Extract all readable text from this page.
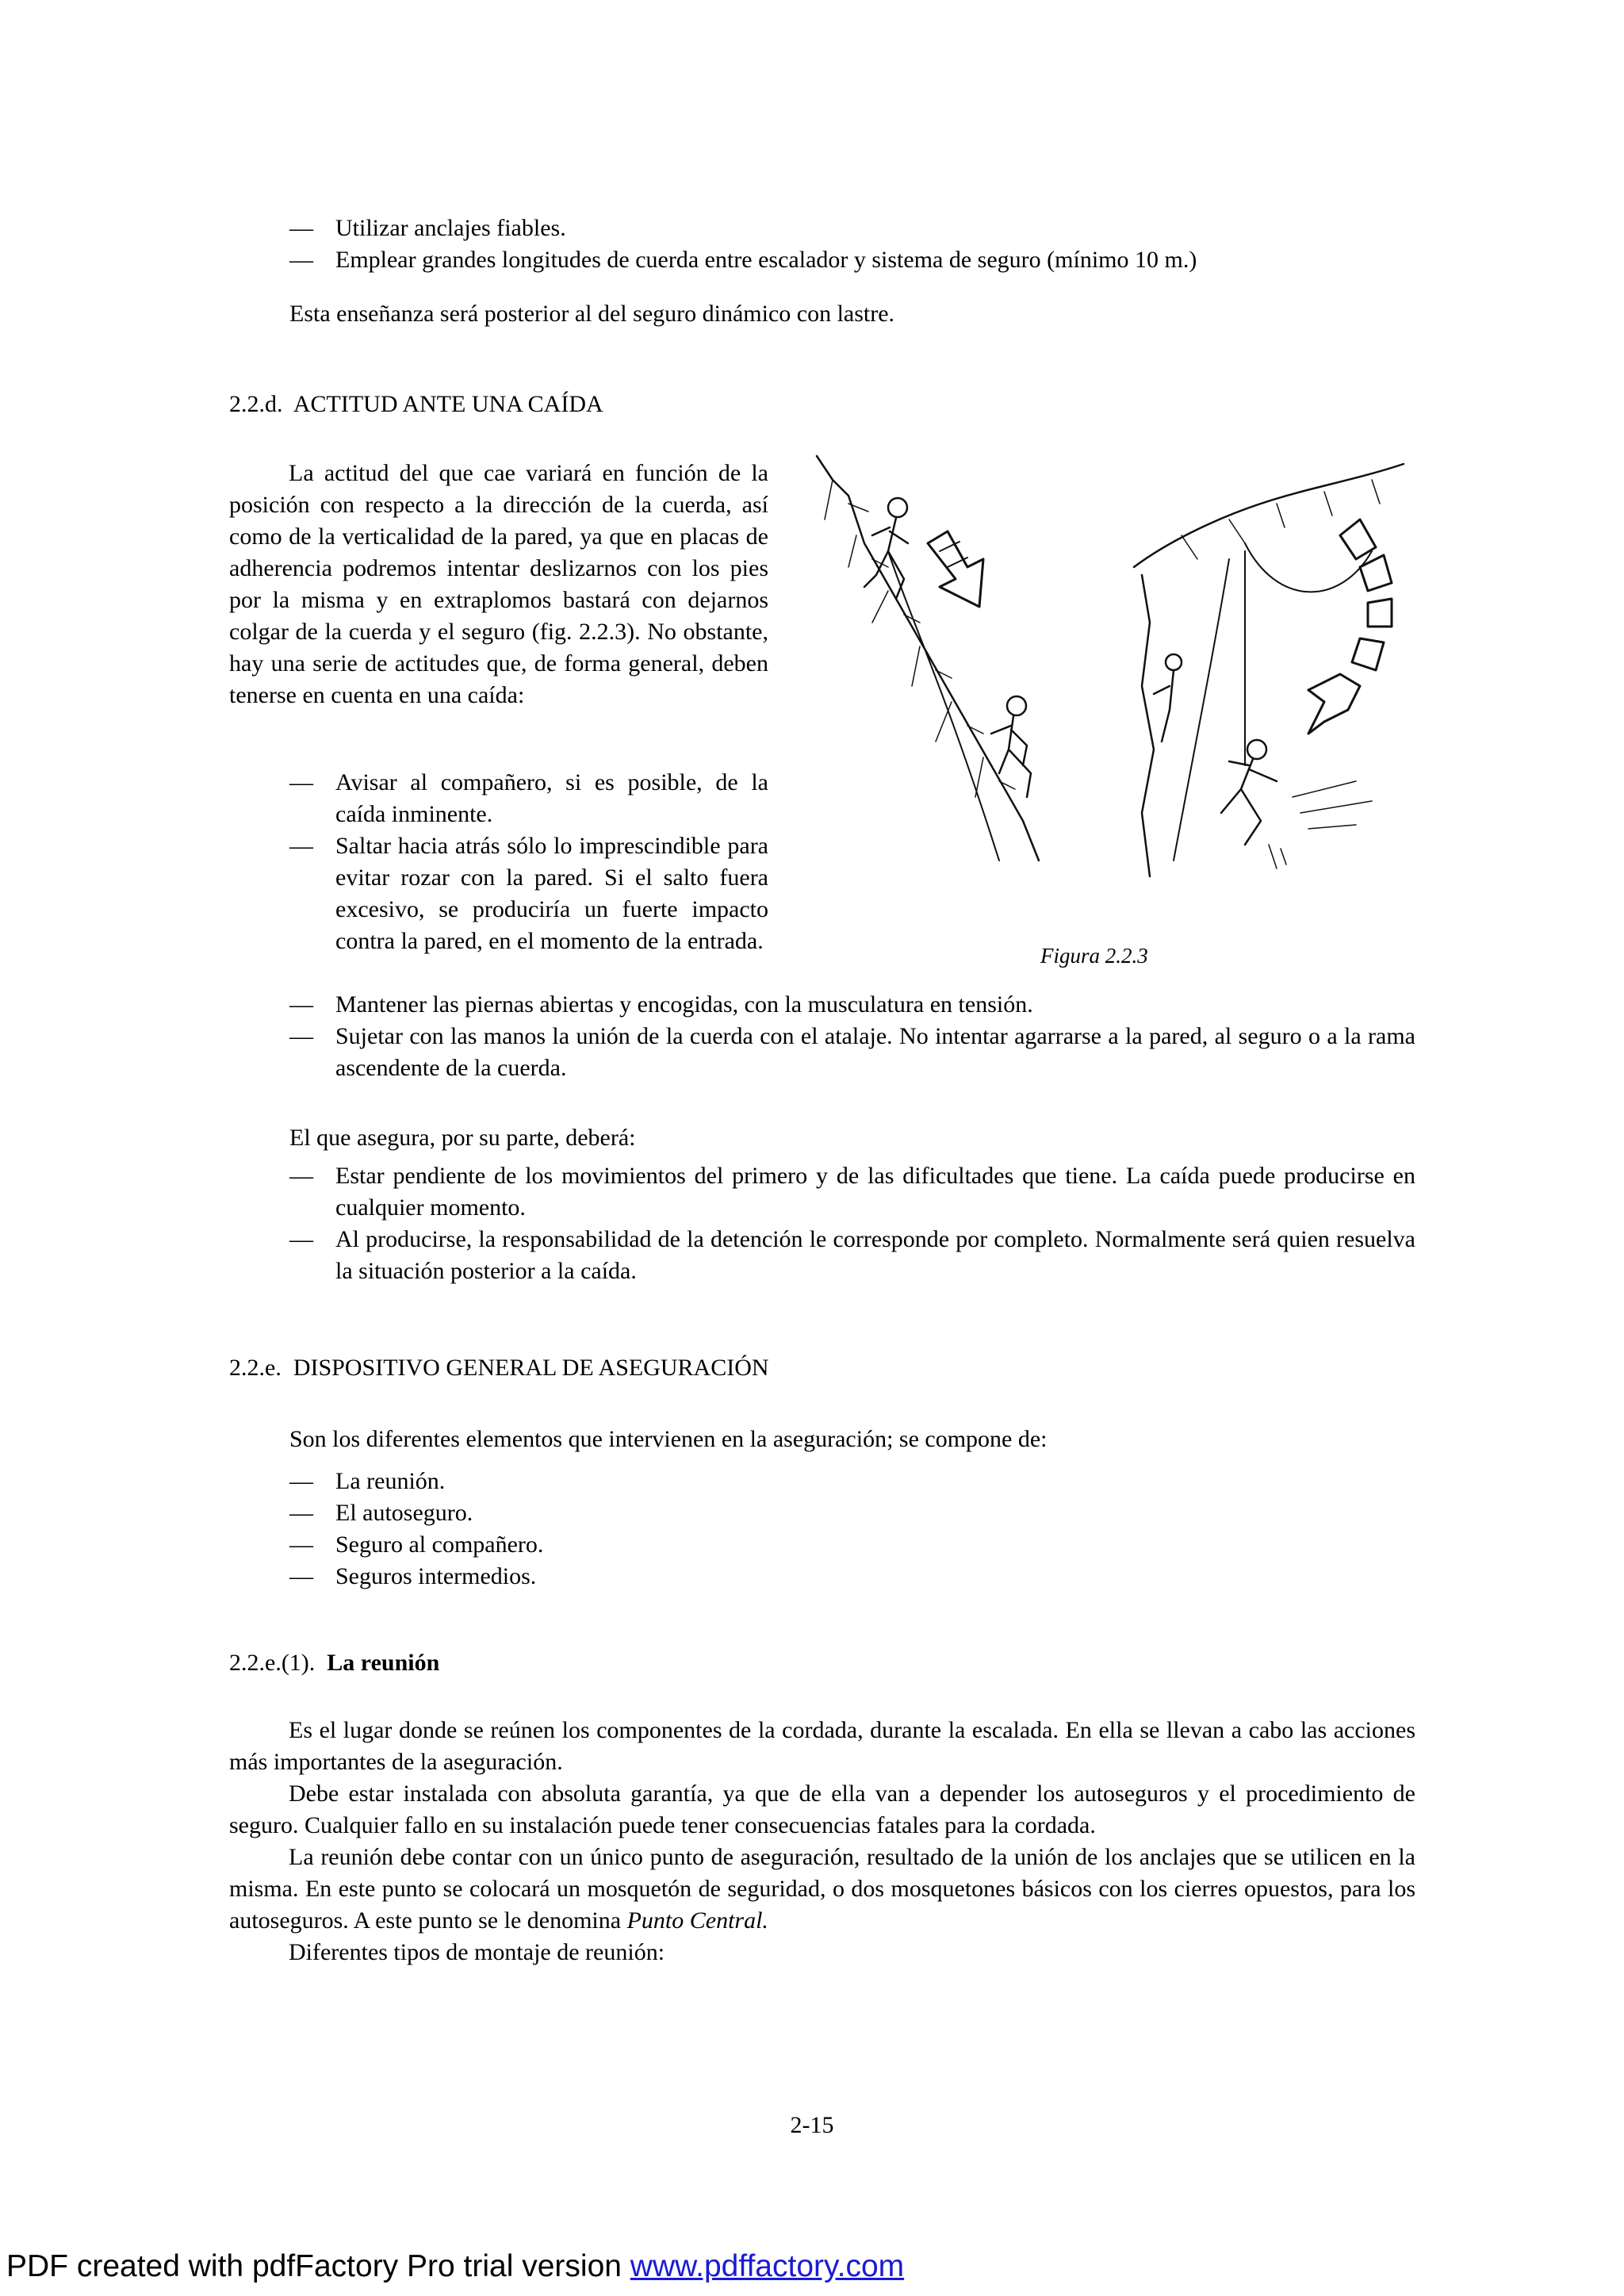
— Utilizar anclajes fiables.
— Emplear grandes longitudes de cuerda entre escalador y sistema de seguro (mínimo 10 m.)

Esta enseñanza será posterior al del seguro dinámico con lastre.

2.2.d. ACTITUD ANTE UNA CAÍDA

La actitud del que cae variará en función de la posición con respecto a la dirección de la cuerda, así como de la verticalidad de la pared, ya que en placas de adherencia podremos intentar deslizarnos con los pies por la misma y en extraplomos bastará con dejarnos colgar de la cuerda y el seguro (fig. 2.2.3). No obstante, hay una serie de actitudes que, de forma general, deben tenerse en cuenta en una caída:

— Avisar al compañero, si es posible, de la caída inminente.
— Saltar hacia atrás sólo lo imprescindible para evitar rozar con la pared. Si el salto fuera excesivo, se produciría un fuerte impacto contra la pared, en el momento de la entrada.

Figura 2.2.3

— Mantener las piernas abiertas y encogidas, con la musculatura en tensión.
— Sujetar con las manos la unión de la cuerda con el atalaje. No intentar agarrarse a la pared, al seguro o a la rama ascendente de la cuerda.

El que asegura, por su parte, deberá:

— Estar pendiente de los movimientos del primero y de las dificultades que tiene. La caída puede producirse en cualquier momento.
— Al producirse, la responsabilidad de la detención le corresponde por completo. Normalmente será quien resuelva la situación posterior a la caída.
2.2.e. DISPOSITIVO GENERAL DE ASEGURACIÓN

Son los diferentes elementos que intervienen en la aseguración; se compone de:

— La reunión.
— El autoseguro.
— Seguro al compañero.
— Seguros intermedios.
2.2.e.(1). La reunión

Es el lugar donde se reúnen los componentes de la cordada, durante la escalada. En ella se llevan a cabo las acciones más importantes de la aseguración.

Debe estar instalada con absoluta garantía, ya que de ella van a depender los autoseguros y el procedimiento de seguro. Cualquier fallo en su instalación puede tener consecuencias fatales para la cordada.

La reunión debe contar con un único punto de aseguración, resultado de la unión de los anclajes que se utilicen en la misma. En este punto se colocará un mosquetón de seguridad, o dos mosquetones básicos con los cierres opuestos, para los autoseguros. A este punto se le denomina Punto Central.

Diferentes tipos de montaje de reunión:

2-15

PDF created with pdfFactory Pro trial version www.pdffactory.com
